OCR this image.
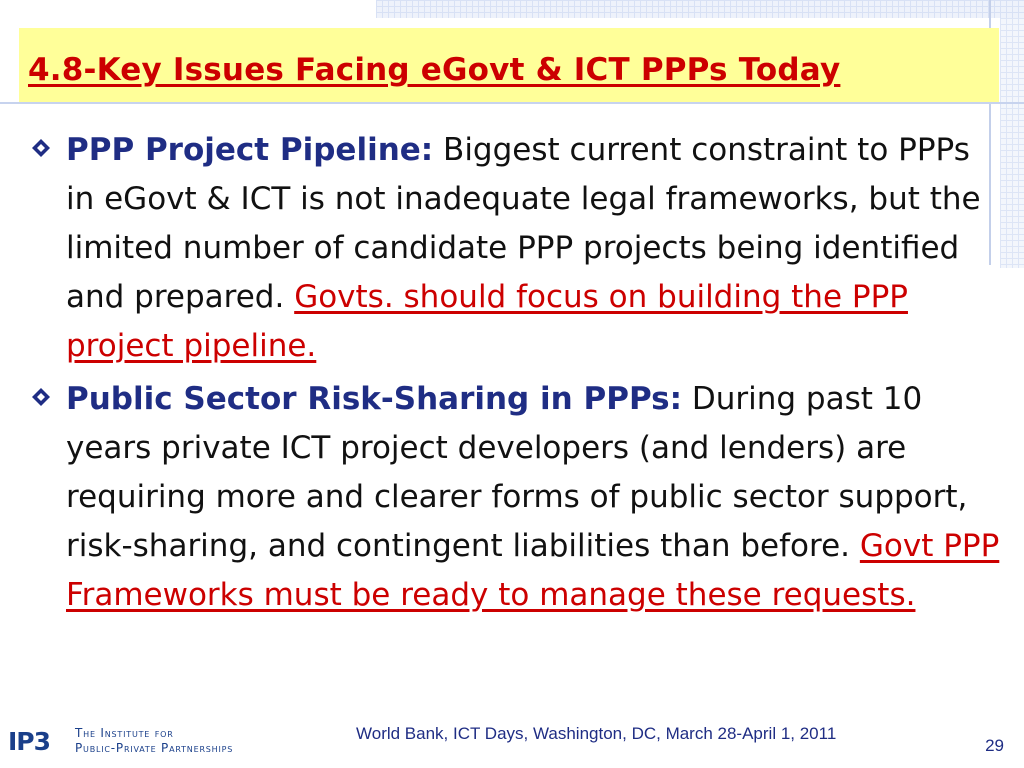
4.8-Key Issues Facing eGovt & ICT PPPs Today
PPP Project Pipeline: Biggest current constraint to PPPs in eGovt & ICT is not inadequate legal frameworks, but the limited number of candidate PPP projects being identified and prepared. Govts. should focus on building the PPP project pipeline.
Public Sector Risk-Sharing in PPPs: During past 10 years private ICT project developers (and lenders) are requiring more and clearer forms of public sector support, risk-sharing, and contingent liabilities than before. Govt PPP Frameworks must be ready to manage these requests.
IP3 The Institute for
Public-Private Partnerships
World Bank, ICT Days, Washington, DC, March 28-April 1, 2011
29
